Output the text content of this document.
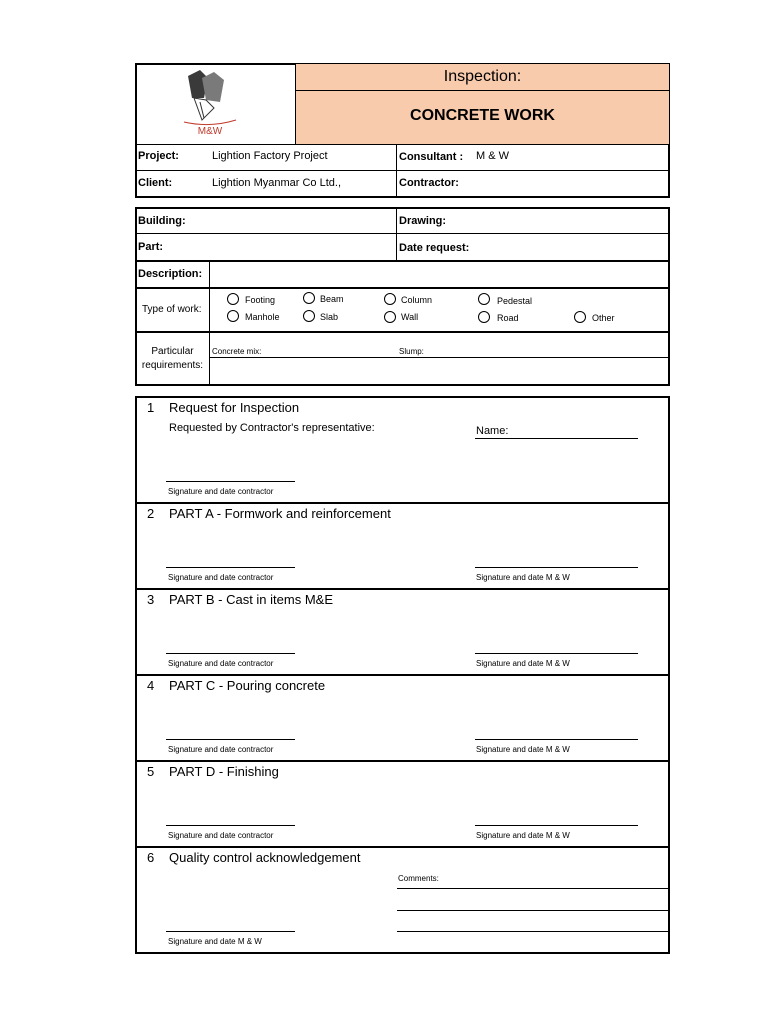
M&W
Inspection:
CONCRETE WORK
Project:	Lightion Factory Project	Consultant : M & W
Client:	Lightion Myanmar Co Ltd.,	Contractor:
Building:	Drawing:
Part:	Date request:
Description:
Type of work:
Footing	Beam	Column	Pedestal
Manhole	Slab	Wall	Road	Other
Particular
requirements:
Concrete mix:	Slump:
1 Request for Inspection
Requested by Contractor's representative:	Name:
Signature and date contractor
2 PART A - Formwork and reinforcement
Signature and date contractor	Signature and date M & W
3 PART B - Cast in items M&E
Signature and date contractor	Signature and date M & W
4 PART C - Pouring concrete
Signature and date contractor	Signature and date M & W
5 PART D - Finishing
Signature and date contractor	Signature and date M & W
6 Quality control acknowledgement
Comments:
Signature and date M & W
